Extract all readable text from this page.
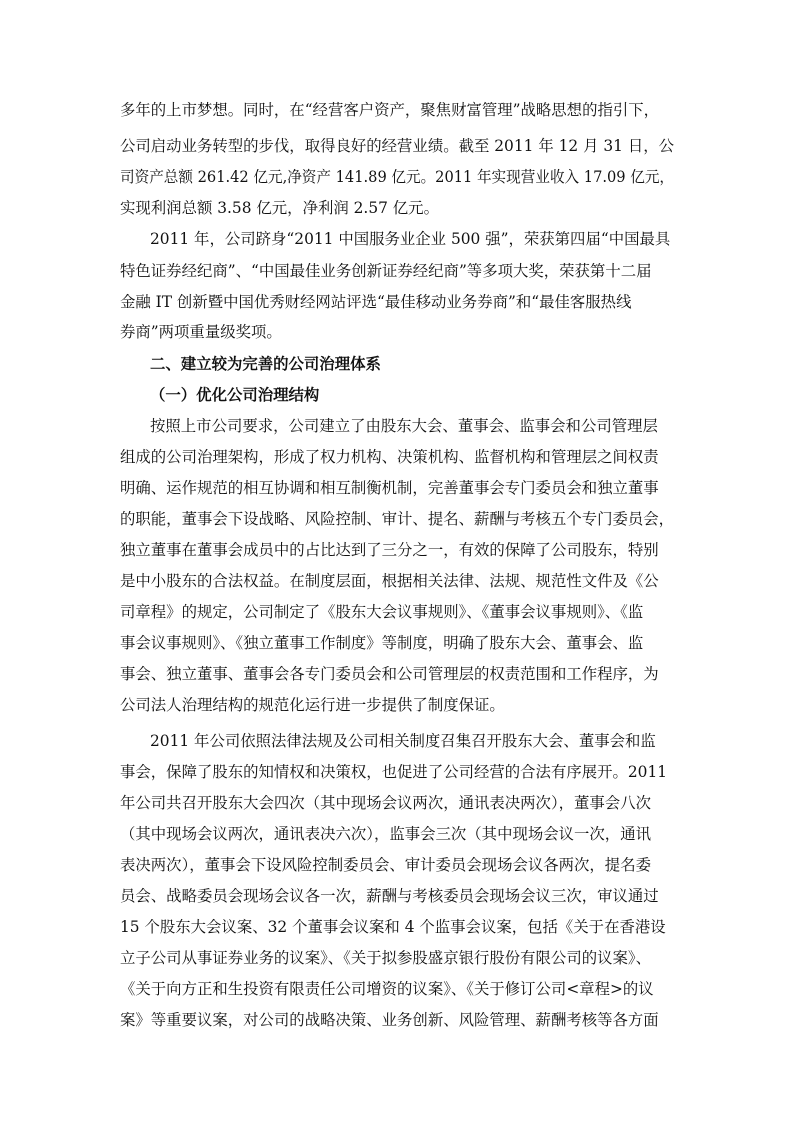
多年的上市梦想。同时，在“经营客户资产，聚焦财富管理”战略思想的指引下，
公司启动业务转型的步伐，取得良好的经营业绩。截至 2011 年 12 月 31 日，公
司资产总额 261.42 亿元,净资产 141.89 亿元。2011 年实现营业收入 17.09 亿元，
实现利润总额 3.58 亿元，净利润 2.57 亿元。
2011 年，公司跻身“2011 中国服务业企业 500 强”，荣获第四届“中国最具
特色证券经纪商”、“中国最佳业务创新证券经纪商”等多项大奖，荣获第十二届
金融 IT 创新暨中国优秀财经网站评选“最佳移动业务券商”和“最佳客服热线
券商”两项重量级奖项。
二、建立较为完善的公司治理体系
（一）优化公司治理结构
按照上市公司要求，公司建立了由股东大会、董事会、监事会和公司管理层
组成的公司治理架构，形成了权力机构、决策机构、监督机构和管理层之间权责
明确、运作规范的相互协调和相互制衡机制，完善董事会专门委员会和独立董事
的职能，董事会下设战略、风险控制、审计、提名、薪酬与考核五个专门委员会，
独立董事在董事会成员中的占比达到了三分之一，有效的保障了公司股东，特别
是中小股东的合法权益。在制度层面，根据相关法律、法规、规范性文件及《公
司章程》的规定，公司制定了《股东大会议事规则》、《董事会议事规则》、《监
事会议事规则》、《独立董事工作制度》等制度，明确了股东大会、董事会、监
事会、独立董事、董事会各专门委员会和公司管理层的权责范围和工作程序，为
公司法人治理结构的规范化运行进一步提供了制度保证。
2011 年公司依照法律法规及公司相关制度召集召开股东大会、董事会和监
事会，保障了股东的知情权和决策权，也促进了公司经营的合法有序展开。2011
年公司共召开股东大会四次（其中现场会议两次，通讯表决两次），董事会八次
（其中现场会议两次，通讯表决六次），监事会三次（其中现场会议一次，通讯
表决两次），董事会下设风险控制委员会、审计委员会现场会议各两次，提名委
员会、战略委员会现场会议各一次，薪酬与考核委员会现场会议三次，审议通过
15 个股东大会议案、32 个董事会议案和 4 个监事会议案，包括《关于在香港设
立子公司从事证券业务的议案》、《关于拟参股盛京银行股份有限公司的议案》、
《关于向方正和生投资有限责任公司增资的议案》、《关于修订公司<章程>的议
案》等重要议案，对公司的战略决策、业务创新、风险管理、薪酬考核等各方面
